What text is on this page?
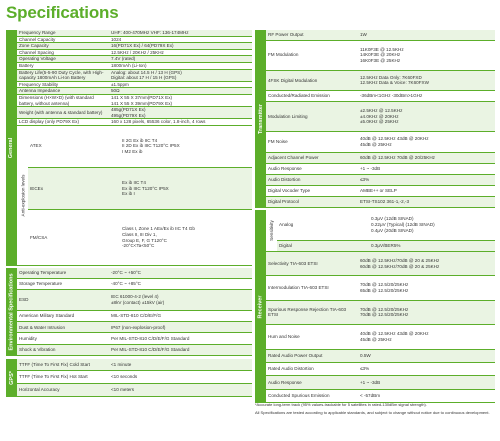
Specifications
General
Frequency Range	UHF: 400-470MHz VHF: 136-174MHz
Channel Capacity	1024
Zone Capacity	16(PD71X Ex) / 64(PD79X Ex)
Channel Spacing	12.5KHz / 20KHz / 25KHz
Operating Voltage	7.4V (rated)
Battery	1800mAh (Li-Ion)
Battery Life(5-5-90 Duty Cycle, with High-capacity 1800mAh Li-Ion Battery	Analog: about 14.5 H / 13 H (GPS)
Digital: about 17 H / 15 H (GPS)
Frequency Stability	±1.5ppm
Antenna Impedance	50Ω
Dimensions (H×W×D) (with standard battery, without antenna)	141 X 55 X 37mm(PD71X Ex)
141 X 55 X 39mm(PD79X Ex)
Weight (with antenna & standard battery)	485g(PD71X Ex)
495g(PD79X Ex)
LCD display (only PD79X Ex)	160 x 128 pixels, 65536 color, 1.8-inch, 4 rows
Anti-explosion levels
ATEX	II 2G Ex ib IIC T4
II 2D Ex ib IIIC T120°C IP5X
I M2 Ex ib
IECEx	Ex ib IIC T4
Ex ib IIIC T120°C IP5X
Ex ib I
FM/CSA	Class I, Zone 1 AEx/Ex ib IIC T4 Gb
Class II, III Div 1,
Group E, F, G T120°C
-20°C<Ta<50°C
Environmental Specifications
Operating Temperature	-20°C ~ +50°C
Storage Temperature	-40°C ~ +85°C
ESD	IEC 61000-4-2 (level 4)
±8kV (contact) ±15kV (air)
American Military Standard	MIL-STD-810 C/D/E/F/G
Dust & Water Intrusion	IP67 (non-explosion-proof)
Humidity	Per MIL-STD-810 C/D/E/F/G Standard
Shock & Vibration	Per MIL-STD-810 C/D/E/F/G Standard
GPS*
TTFF (Time To First Fix) Cold Start	<1 minute
TTFF (Time To First Fix) Hot Start	<10 seconds
Horizontal Accuracy	<10 meters
Transmitter
RF Power Output	1W
FM Modulation	11K0F3E @ 12.5KHz
14K0F3E @ 20KHz
16K0F3E @ 25KHz
4FSK Digital Modulation	12.5KHz Data Only: 7K60FXD
12.5KHz Data & Voice: 7K60FXW
Conducted/Radiated Emission	-36dBm<1GHz -30dBm>1GHz
Modulation Limiting	±2.5KHz @ 12.5KHz
±4.0KHz @ 20KHz
±5.0KHz @ 25KHz
FM Noise	40dB @ 12.5KHz 43dB @ 20KHz
45dB @ 25KHz
Adjacent Channel Power	60dB @ 12.5KHz 70dB @ 20/25KHz
Audio Response	+1 ~ -3dB
Audio Distortion	≤3%
Digital Vocoder Type	AMBE++ or SELP
Digital Protocol	ETSI-TS102 361-1,-2,-3
Receiver
Sensitivity Analog	0.3μV (12dB SINAD)
0.22μV (Typical) (12dB SINAD)
0.4μV (20dB SINAD)
Digital	0.3μV/BER5%
Selectivity TIA-603 ETSI	60dB @ 12.5KHz/70dB @ 20 & 25KHz
60dB @ 12.5KHz/70dB @ 20 & 25KHz
Intermodulation TIA-603 ETSI	70dB @ 12.5/20/25KHz
65dB @ 12.5/20/25KHz
Spurious Response Rejection TIA-603 ETSI	70dB @ 12.5/20/25KHz
70dB @ 12.5/20/25KHz
Hum and Noise	40dB @ 12.5KHz 43dB @ 20KHz
45dB @ 25KHz
Rated Audio Power Output	0.5W
Rated Audio Distortion	≤3%
Audio Response	+1 ~ -3dB
Conducted Spurious Emission	< -57dBm

*Accurate long-term track (95% values-trackable for 5 satellites in rated-130dBm signal strength).

All Specifications are tested according to applicable standards, and subject to change without notice due to continuous development.
